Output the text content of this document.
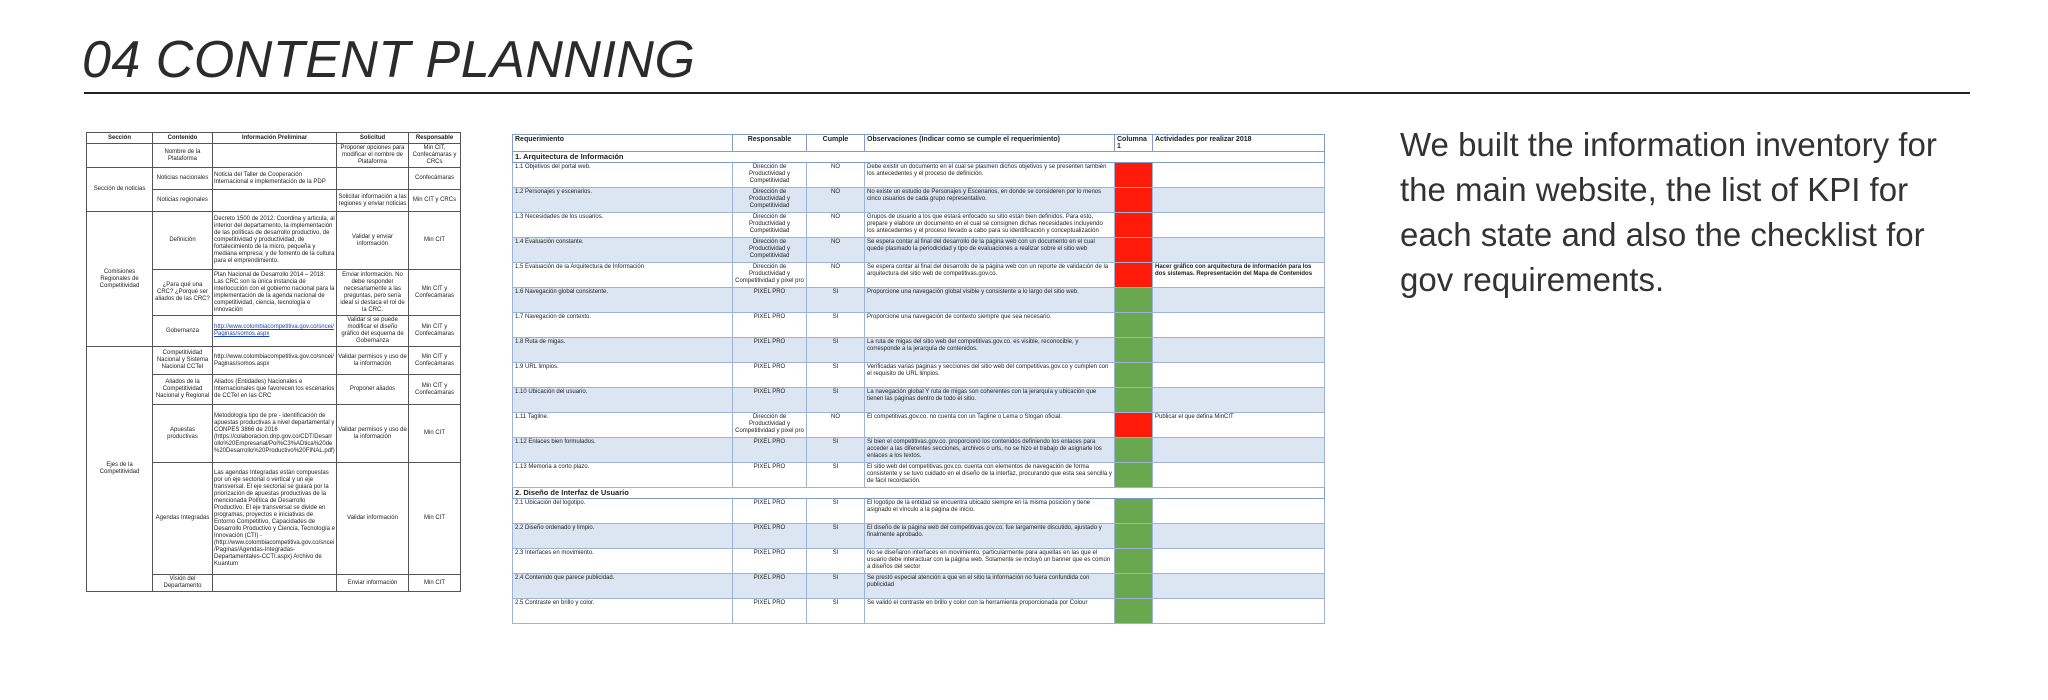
04 CONTENT PLANNING
Sección	Contenido	Información Preliminar	Solicitud	Responsable
	Nombre de la Plataforma		Proponer opciones para modificar el nombre de Plataforma	Min CIT, Confecámaras y CRCs
Sección de noticias	Noticias nacionales	Noticia del Taller de Cooperación Internacional e implementación de la PDP		Confecámaras
	Noticias regionales		Solicitar información a las regiones y enviar noticias	Min CIT y CRCs
Comisiones Regionales de Competitividad	Definición	Decreto 1500 de 2012: Coordina y articula, al interior del departamento, la implementación de las políticas de desarrollo productivo, de competitividad y productividad, de fortalecimiento de la micro, pequeña y mediana empresa; y de fomento de la cultura para el emprendimiento.	Validar y enviar información	Min CIT
	¿Para qué una CRC? ¿Porqué ser aliados de las CRC?	Plan Nacional de Desarrollo 2014 – 2018: Las CRC son la única instancia de interlocución con el gobierno nacional para la implementación de la agenda nacional de competitividad, ciencia, tecnología e innovación	Enviar información. No debe responder necesariamente a las preguntas, pero sería ideal si destaca el rol de la CRC.	Min CIT y Confecámaras
	Gobernanza	http://www.colombiacompetitiva.gov.co/sncei/Paginas/somos.aspx	Validar si se puede modificar el diseño gráfico del esquema de Gobernanza	Min CIT y Confecámaras
Ejes de la Competitividad	Competitividad Nacional y Sistema Nacional CCTeI	http://www.colombiacompetitiva.gov.co/sncei/Paginas/somos.aspx	Validar permisos y uso de la información	Min CIT y Confecámaras
	Aliados de la Competitividad Nacional y Regional	Aliados (Entidades) Nacionales e Internacionales que favorecen los escenarios de CCTeI en las CRC	Proponer aliados	Min CIT y Confecámaras
	Apuestas productivas	Metodología tipo de pre - identificación de apuestas productivas a nivel departamental y CONPES 3866 de 2016 (https://colaboracion.dnp.gov.co/CDT/Desarrollo%20Empresarial/Pol%C3%ADtica%20de%20Desarrollo%20Productivo%20FINAL.pdf)	Validar permisos y uso de la información	Min CIT
	Agendas Integradas	Las agendas Integradas están compuestas por un eje sectorial o vertical y un eje transversal. El eje sectorial se guiará por la priorización de apuestas productivas de la mencionada Política de Desarrollo Productivo. El eje transversal se divide en programas, proyectos e iniciativas de Entorno Competitivo, Capacidades de Desarrollo Productivo y Ciencia, Tecnología e Innovación (CTI) - (http://www.colombiacompetitiva.gov.co/sncei/Paginas/Agendas-Integradas-Departamentales-CCTI.aspx) Archivo de Kuantum	Validar información	Min CIT
	Visión del Departamento		Enviar información	Min CIT
Requerimiento	Responsable	Cumple	Observaciones (Indicar como se cumple el requerimiento)	Columna1	Actividades por realizar 2018
1. Arquitectura de Información					
1.1 Objetivos del portal web.	Dirección de Productividad y Competitividad	NO	Debe existir un documento en el cual se plasmen dichos objetivos y se presenten también los antecedentes y el proceso de definición.		
1.2 Personajes y escenarios.	Dirección de Productividad y Competitividad	NO	No existe un estudio de Personajes y Escenarios, en donde se consideren por lo menos cinco usuarios de cada grupo representativo.		
1.3 Necesidades de los usuarios.	Dirección de Productividad y Competitividad	NO	Grupos de usuario a los que estará enfocado su sitio están bien definidos. Para esto, prepare y elabore un documento en el cual se consignen dichas necesidades incluyendo los antecedentes y el proceso llevado a cabo para su identificación y conceptualización		
1.4 Evaluación constante.	Dirección de Productividad y Competitividad	NO	Se espera contar al final del desarrollo de la página web con un documento en el cual quede plasmado la periodicidad y tipo de evaluaciones a realizar sobre el sitio web		
1.5 Evaluación de la Arquitectura de Información	Dirección de Productividad y Competitividad y pixel pro	NO	Se espera contar al final del desarrollo de la página web con un reporte de validación de la arquitectura del sitio web de competitivas.gov.co.		Hacer gráfico con arquitectura de información para los dos sistemas. Representación del Mapa de Contenidos
1.6 Navegación global consistente.	PIXEL PRO	SI	Proporcione una navegación global visible y consistente a lo largo del sitio web.		
1.7 Navegación de contexto.	PIXEL PRO	SI	Proporcione una navegación de contexto siempre que sea necesario.		
1.8 Ruta de migas.	PIXEL PRO	SI	La ruta de migas del sitio web del competitivas.gov.co. es visible, reconocible, y corresponde a la jerarquía de contenidos.		
1.9 URL limpios.	PIXEL PRO	SI	Verificadas varias páginas y secciones del sitio web del competitivas.gov.co y cumplen con el requisito de URL limpios.		
1.10 Ubicación del usuario.	PIXEL PRO	SI	La navegación global Y ruta de migas son coherentes con la jerarquía y ubicación que tienen las páginas dentro de todo el sitio.		
1.11 Tagline.	Dirección de Productividad y Competitividad y pixel pro	NO	El competitivas.gov.co. no cuenta con un Tagline o Lema o Slogan oficial.		Publicar el que defina MinCIT
1.12 Enlaces bien formulados.	PIXEL PRO	SI	Si bien el competitivas.gov.co. proporcionó los contenidos definiendo los enlaces para acceder a las diferentes secciones, archivos o urls, no se hizo el trabajo de asignarle los enlaces a los textos.		
1.13 Memoria a corto plazo.	PIXEL PRO	SI	El sitio web del competitivas.gov.co. cuenta con elementos de navegación de forma consistente y se tuvo cuidado en el diseño de la interfaz, procurando que esta sea sencilla y de fácil recordación.		
2. Diseño de Interfaz de Usuario					
2.1 Ubicación del logotipo.	PIXEL PRO	SI	El logotipo de la entidad se encuentra ubicado siempre en la misma posición y tiene asignado el vínculo a la página de inicio.		
2.2 Diseño ordenado y limpio.	PIXEL PRO	SI	El diseño de la página web del competitivas.gov.co. fue largamente discutido, ajustado y finalmente aprobado.		
2.3 Interfaces en movimiento.	PIXEL PRO	SI	No se diseñaron interfaces en movimiento, particularmente para aquellas en las que el usuario debe interactuar con la página web. Solamente se incluyó un banner que es común a diseños del sector		
2.4 Contenido que parece publicidad.	PIXEL PRO	SI	Se prestó especial atención a que en el sitio la información no fuera confundida con publicidad		
2.5 Contraste en brillo y color.	PIXEL PRO	SI	Se validó el contraste en brillo y color con la herramienta proporcionada por Colour		
We built the information inventory for the main website, the list of KPI for each state and also the checklist for gov requirements.
